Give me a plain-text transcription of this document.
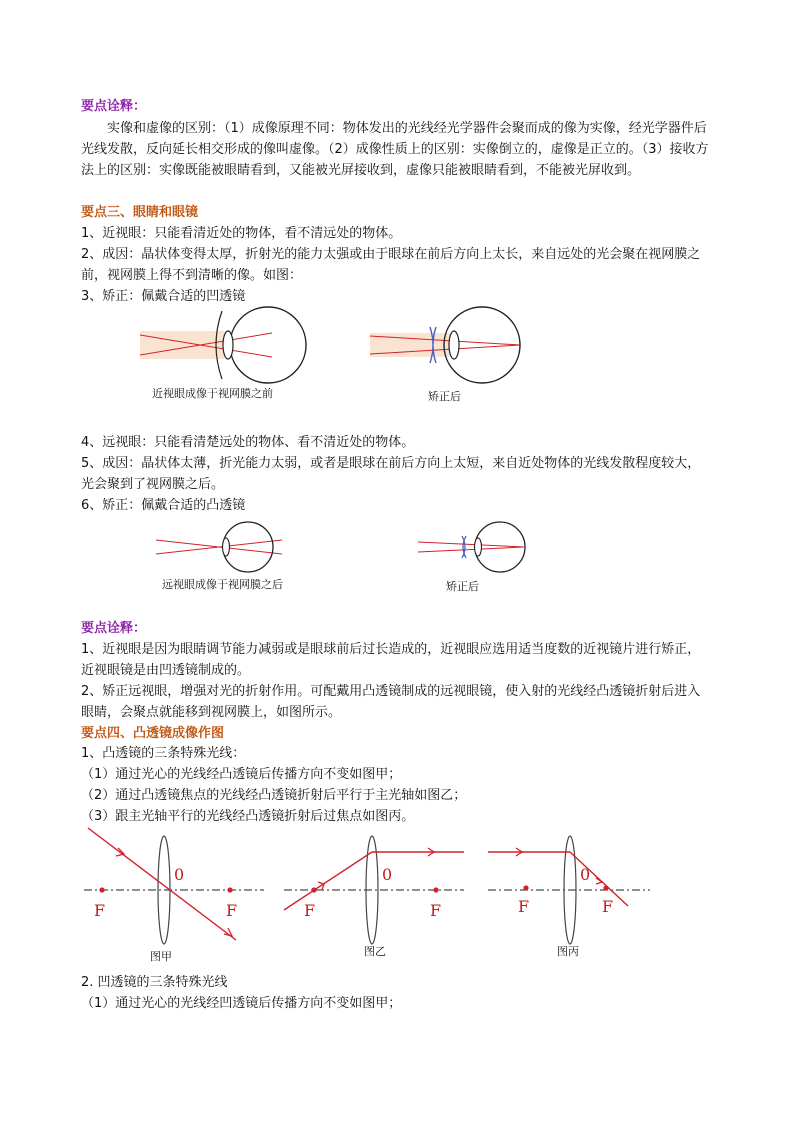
要点诠释：
实像和虚像的区别：（1）成像原理不同：物体发出的光线经光学器件会聚而成的像为实像，经光学器件后光线发散，反向延长相交形成的像叫虚像。（2）成像性质上的区别：实像倒立的，虚像是正立的。（3）接收方法上的区别：实像既能被眼睛看到，又能被光屏接收到，虚像只能被眼睛看到，不能被光屏收到。
要点三、眼睛和眼镜
1、近视眼：只能看清近处的物体，看不清远处的物体。
2、成因：晶状体变得太厚，折射光的能力太强或由于眼球在前后方向上太长，来自远处的光会聚在视网膜之前，视网膜上得不到清晰的像。如图：
3、矫正：佩戴合适的凹透镜
近视眼成像于视网膜之前	矫正后
4、远视眼：只能看清楚远处的物体、看不清近处的物体。
5、成因：晶状体太薄，折光能力太弱，或者是眼球在前后方向上太短，来自近处物体的光线发散程度较大，光会聚到了视网膜之后。
6、矫正：佩戴合适的凸透镜
远视眼成像于视网膜之后	矫正后
要点诠释：
1、近视眼是因为眼睛调节能力减弱或是眼球前后过长造成的，近视眼应选用适当度数的近视镜片进行矫正，近视眼镜是由凹透镜制成的。
2、矫正远视眼，增强对光的折射作用。可配戴用凸透镜制成的远视眼镜，使入射的光线经凸透镜折射后进入眼睛，会聚点就能移到视网膜上，如图所示。
要点四、凸透镜成像作图
1、凸透镜的三条特殊光线：
（1）通过光心的光线经凸透镜后传播方向不变如图甲；
（2）通过凸透镜焦点的光线经凸透镜折射后平行于主光轴如图乙；
（3）跟主光轴平行的光线经凸透镜折射后过焦点如图丙。
F	F
0
F	F
0
F	F
0
图甲	图乙	图丙
2. 凹透镜的三条特殊光线
（1）通过光心的光线经凹透镜后传播方向不变如图甲；
